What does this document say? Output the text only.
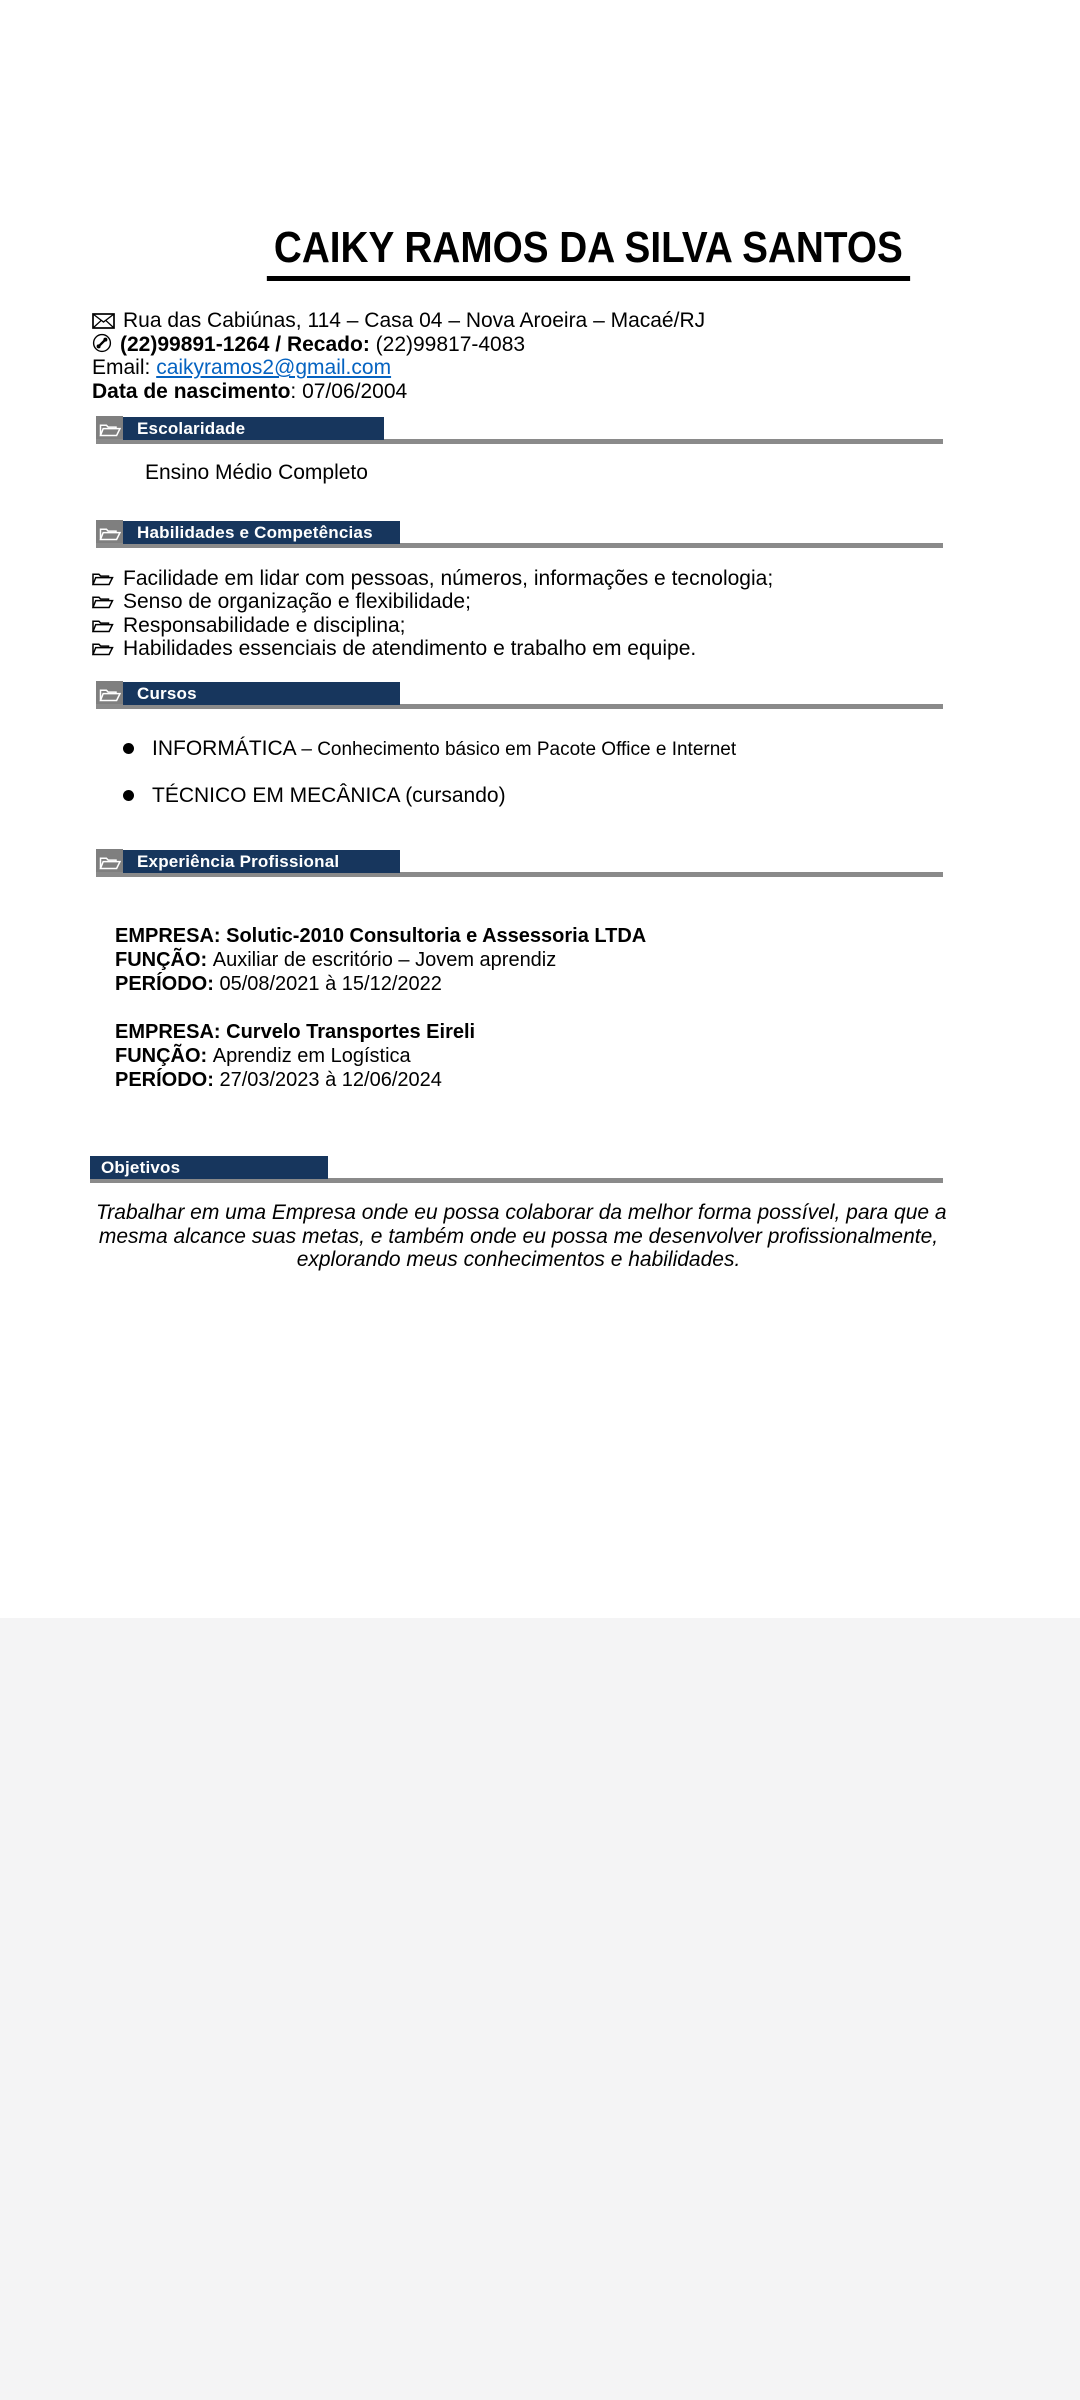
CAIKY RAMOS DA SILVA SANTOS
Rua das Cabiúnas, 114 – Casa 04 – Nova Aroeira – Macaé/RJ
(22)99891-1264 / Recado: (22)99817-4083
Email: caikyramos2@gmail.com
Data de nascimento: 07/06/2004
Escolaridade
Ensino Médio Completo
Habilidades e Competências
Facilidade em lidar com pessoas, números, informações e tecnologia;
Senso de organização e flexibilidade;
Responsabilidade e disciplina;
Habilidades essenciais de atendimento e trabalho em equipe.
Cursos
INFORMÁTICA – Conhecimento básico em Pacote Office e Internet
TÉCNICO EM MECÂNICA (cursando)
Experiência Profissional
EMPRESA: Solutic-2010 Consultoria e Assessoria LTDA
FUNÇÃO: Auxiliar de escritório – Jovem aprendiz
PERÍODO: 05/08/2021 à 15/12/2022
EMPRESA: Curvelo Transportes Eireli
FUNÇÃO: Aprendiz em Logística
PERÍODO: 27/03/2023 à 12/06/2024
Objetivos
Trabalhar em uma Empresa onde eu possa colaborar da melhor forma possível, para que a
mesma alcance suas metas, e também onde eu possa me desenvolver profissionalmente,
explorando meus conhecimentos e habilidades.
